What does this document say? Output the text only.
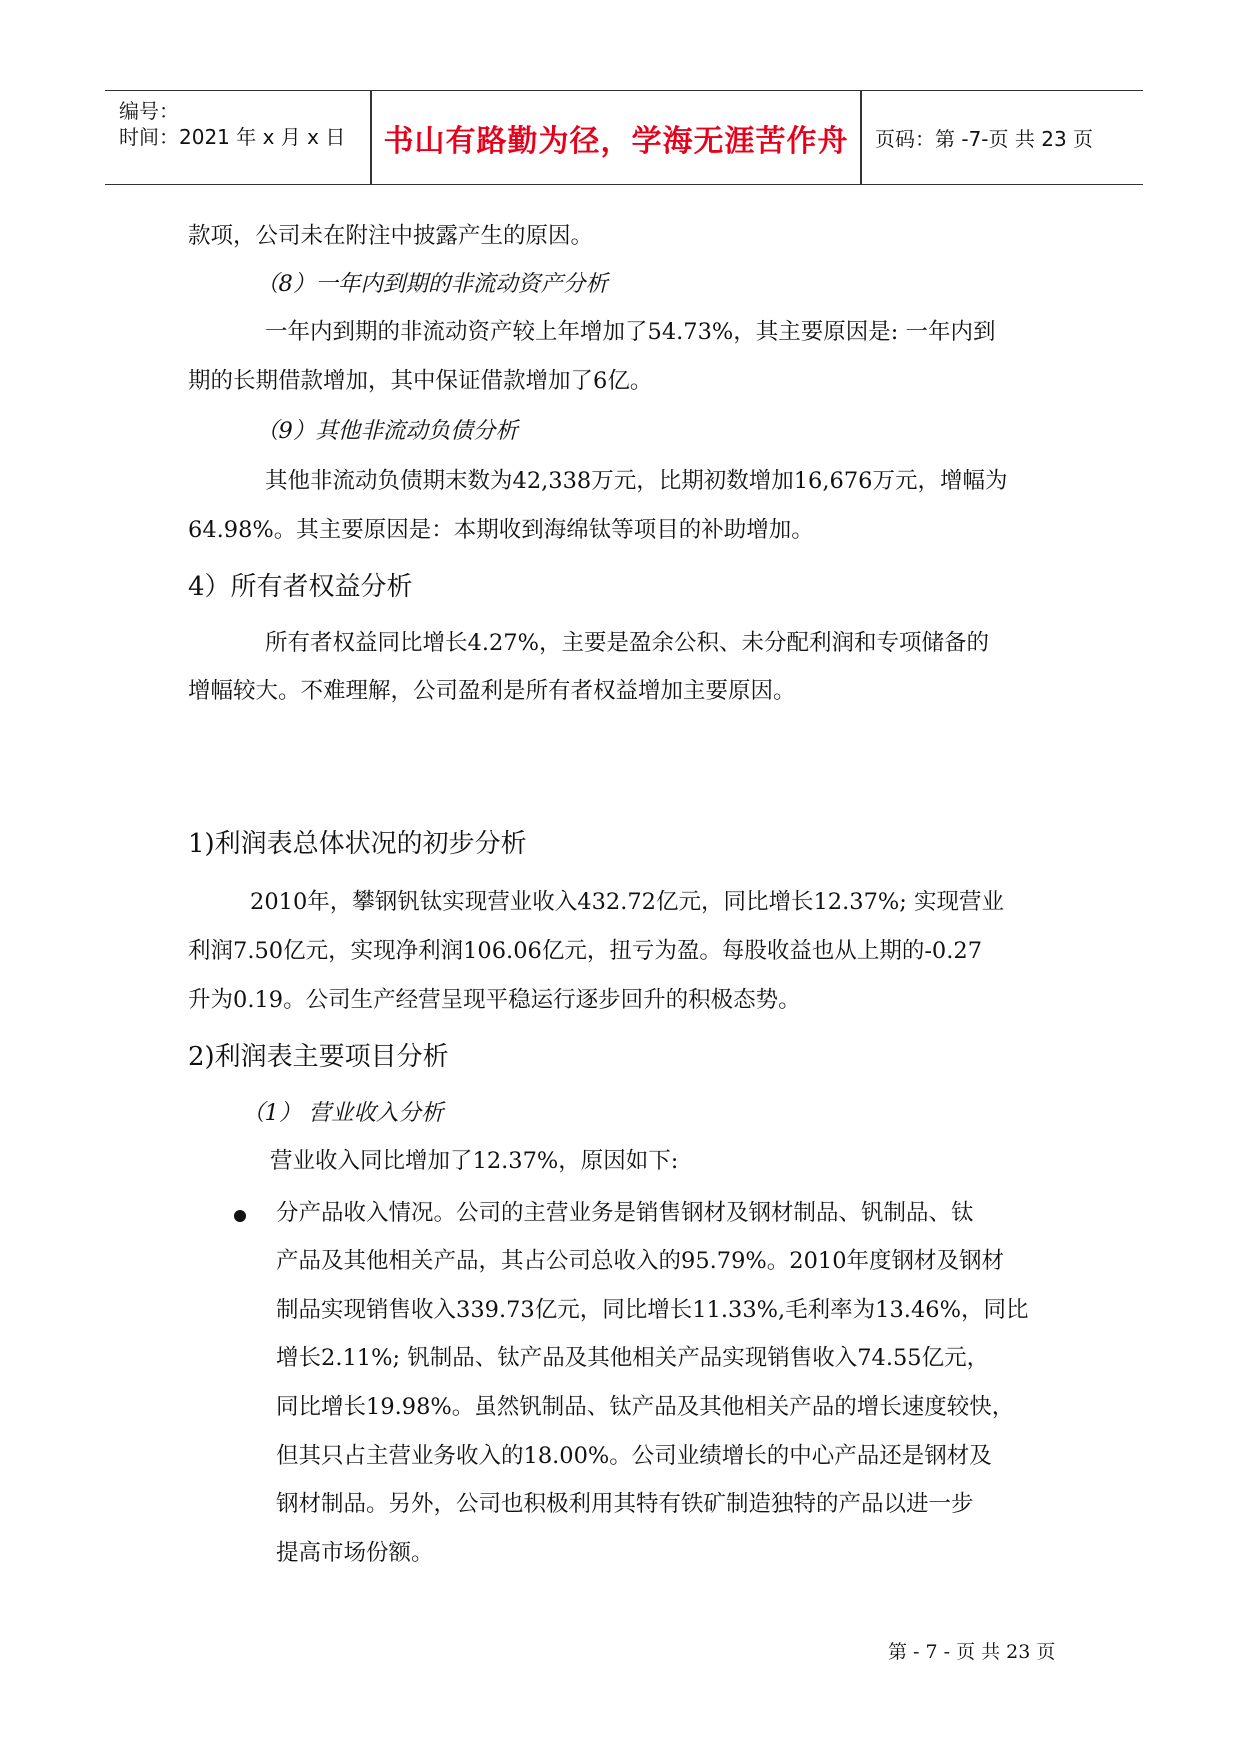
编号：
时间：2021 年 x 月 x 日	书山有路勤为径，学海无涯苦作舟	页码：第 -7-页 共 23 页
款项，公司未在附注中披露产生的原因。
（8）一年内到期的非流动资产分析
一年内到期的非流动资产较上年增加了54.73%，其主要原因是: 一年内到
期的长期借款增加，其中保证借款增加了6亿。
（9）其他非流动负债分析
其他非流动负债期末数为42,338万元，比期初数增加16,676万元，增幅为
64.98%。其主要原因是：本期收到海绵钛等项目的补助增加。
4）所有者权益分析
所有者权益同比增长4.27%，主要是盈余公积、未分配利润和专项储备的
增幅较大。不难理解，公司盈利是所有者权益增加主要原因。
1)利润表总体状况的初步分析
2010年，攀钢钒钛实现营业收入432.72亿元，同比增长12.37%; 实现营业
利润7.50亿元，实现净利润106.06亿元，扭亏为盈。每股收益也从上期的-0.27
升为0.19。公司生产经营呈现平稳运行逐步回升的积极态势。
2)利润表主要项目分析
（1） 营业收入分析
营业收入同比增加了12.37%，原因如下:
分产品收入情况。公司的主营业务是销售钢材及钢材制品、钒制品、钛
产品及其他相关产品，其占公司总收入的95.79%。2010年度钢材及钢材
制品实现销售收入339.73亿元，同比增长11.33%,毛利率为13.46%，同比
增长2.11%; 钒制品、钛产品及其他相关产品实现销售收入74.55亿元，
同比增长19.98%。虽然钒制品、钛产品及其他相关产品的增长速度较快，
但其只占主营业务收入的18.00%。公司业绩增长的中心产品还是钢材及
钢材制品。另外，公司也积极利用其特有铁矿制造独特的产品以进一步
提高市场份额。
第 - 7 - 页 共 23 页
